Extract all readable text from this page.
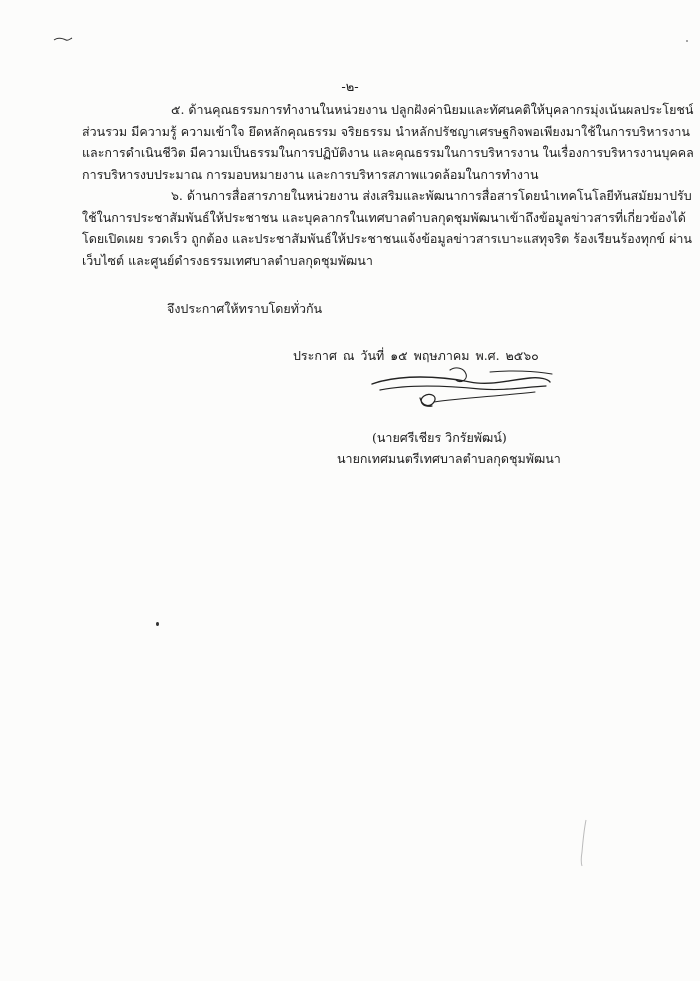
-๒-
๕. ด้านคุณธรรมการทำงานในหน่วยงาน ปลูกฝังค่านิยมและทัศนคติให้บุคลากรมุ่งเน้นผลประโยชน์
ส่วนรวม มีความรู้ ความเข้าใจ ยึดหลักคุณธรรม จริยธรรม นำหลักปรัชญาเศรษฐกิจพอเพียงมาใช้ในการบริหารงาน
และการดำเนินชีวิต มีความเป็นธรรมในการปฏิบัติงาน และคุณธรรมในการบริหารงาน ในเรื่องการบริหารงานบุคคล
การบริหารงบประมาณ การมอบหมายงาน และการบริหารสภาพแวดล้อมในการทำงาน
๖. ด้านการสื่อสารภายในหน่วยงาน ส่งเสริมและพัฒนาการสื่อสารโดยนำเทคโนโลยีทันสมัยมาปรับ
ใช้ในการประชาสัมพันธ์ให้ประชาชน และบุคลากรในเทศบาลตำบลกุดชุมพัฒนาเข้าถึงข้อมูลข่าวสารที่เกี่ยวข้องได้
โดยเปิดเผย รวดเร็ว ถูกต้อง และประชาสัมพันธ์ให้ประชาชนแจ้งข้อมูลข่าวสารเบาะแสทุจริต ร้องเรียนร้องทุกข์ ผ่าน
เว็บไซต์ และศูนย์ดำรงธรรมเทศบาลตำบลกุดชุมพัฒนา
จึงประกาศให้ทราบโดยทั่วกัน
ประกาศ ณ วันที่ ๑๕ พฤษภาคม พ.ศ. ๒๕๖๐
(นายศรีเชียร วิกรัยพัฒน์)
นายกเทศมนตรีเทศบาลตำบลกุดชุมพัฒนา
